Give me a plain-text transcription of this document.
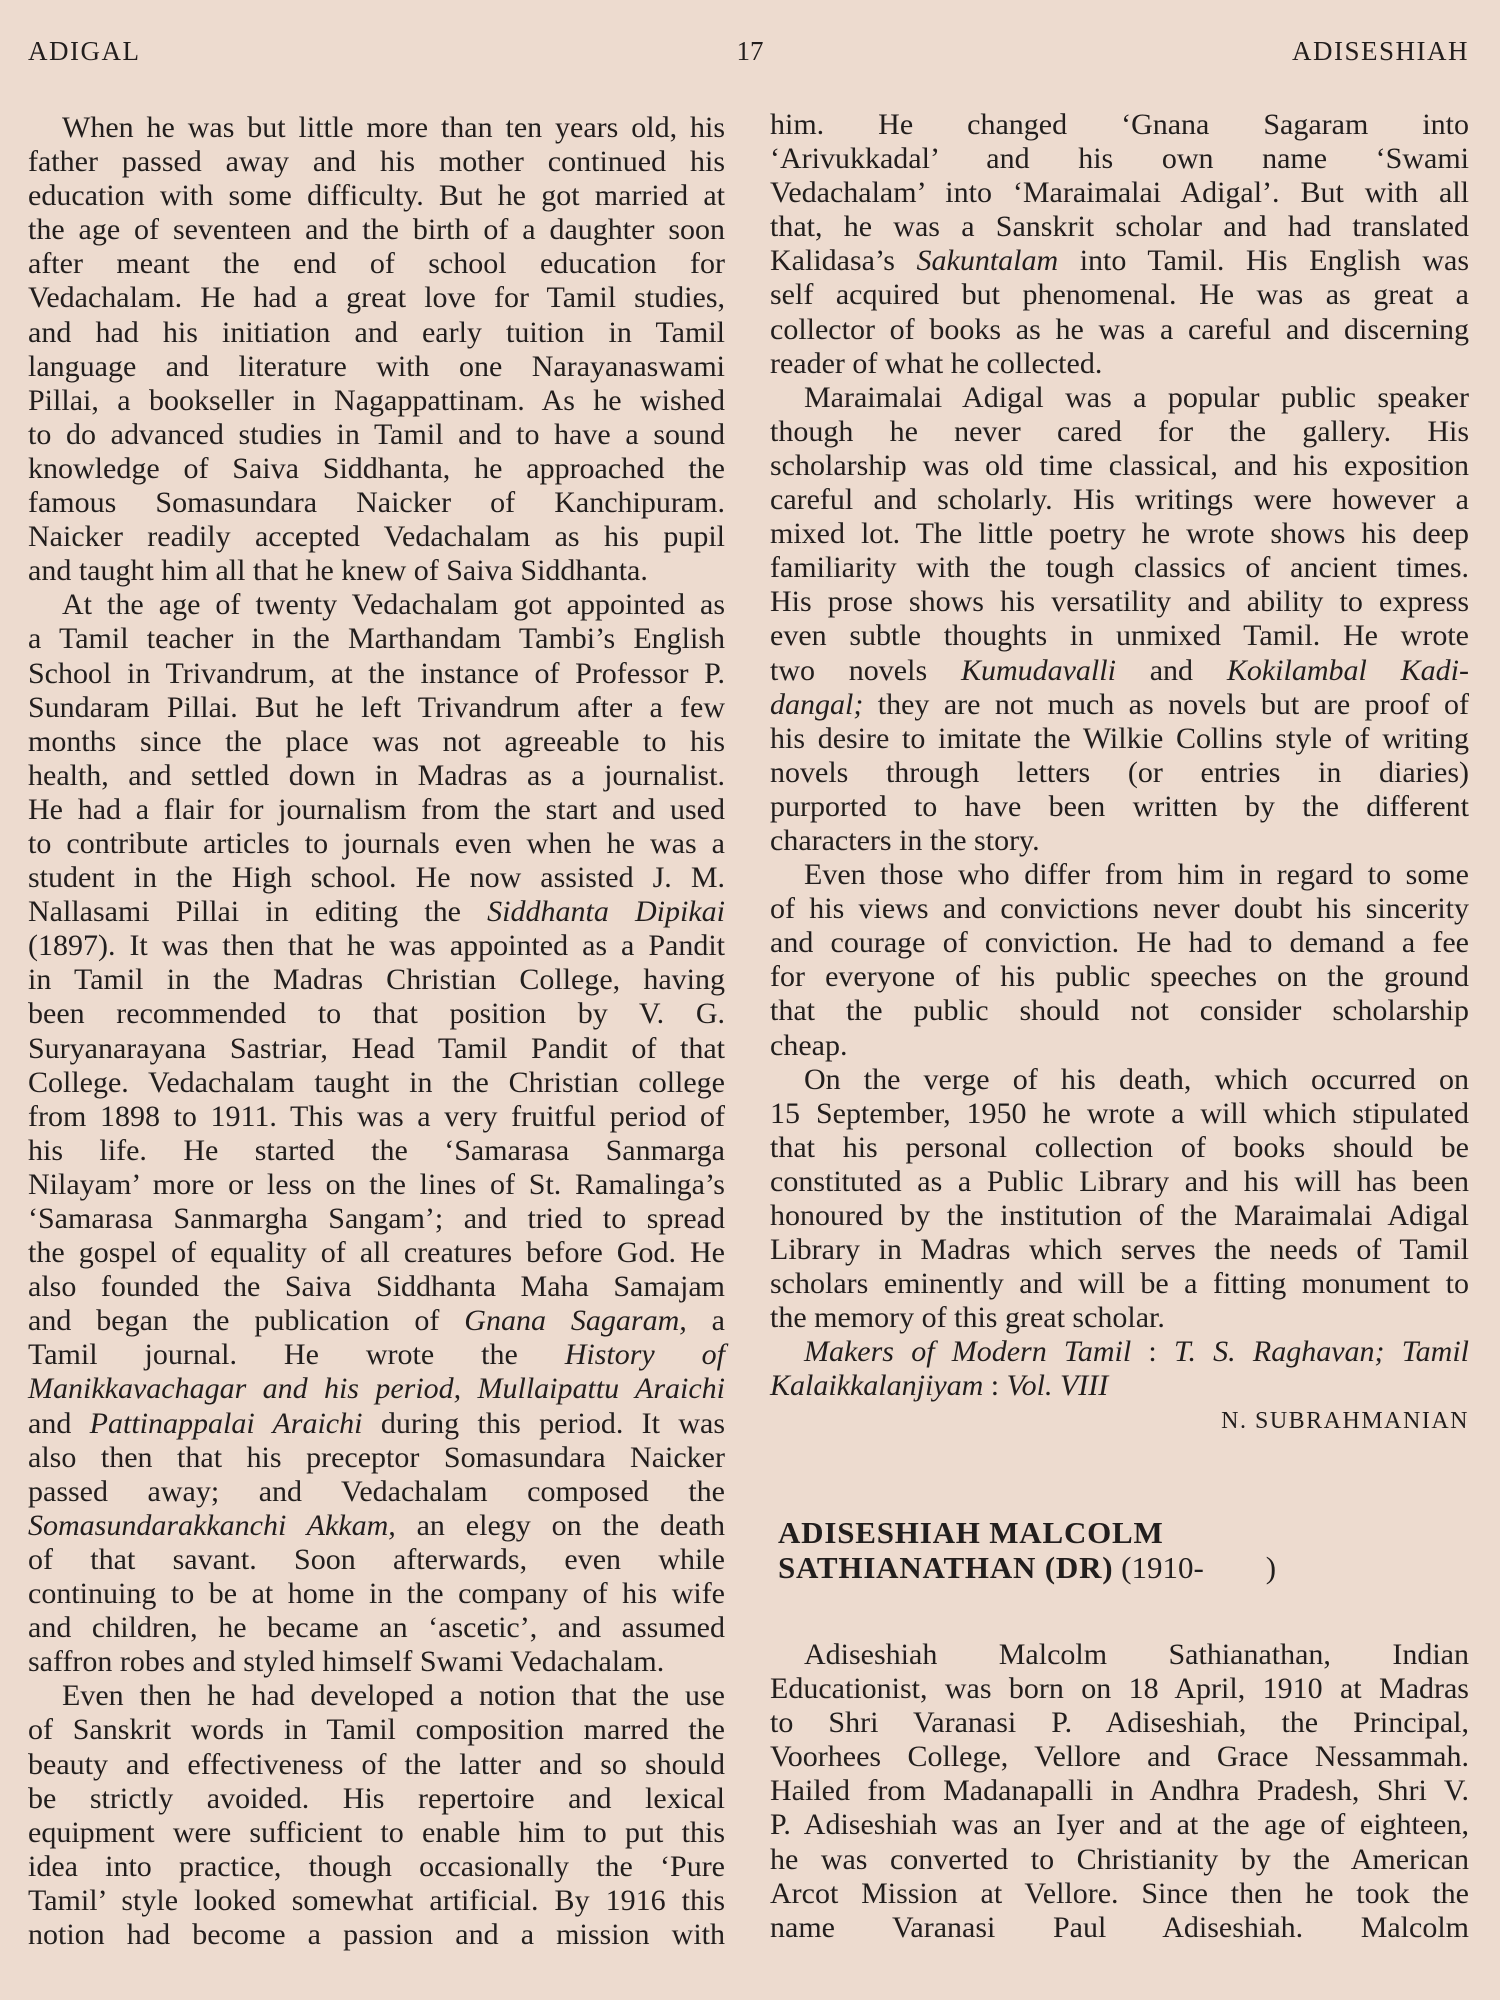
ADIGAL	17	ADISESHIAH
When he was but little more than ten years old, his
father passed away and his mother continued his
education with some difficulty. But he got married at
the age of seventeen and the birth of a daughter soon
after meant the end of school education for
Vedachalam. He had a great love for Tamil studies,
and had his initiation and early tuition in Tamil
language and literature with one Narayanaswami
Pillai, a bookseller in Nagappattinam. As he wished
to do advanced studies in Tamil and to have a sound
knowledge of Saiva Siddhanta, he approached the
famous Somasundara Naicker of Kanchipuram.
Naicker readily accepted Vedachalam as his pupil
and taught him all that he knew of Saiva Siddhanta.
At the age of twenty Vedachalam got appointed as
a Tamil teacher in the Marthandam Tambi’s English
School in Trivandrum, at the instance of Professor P.
Sundaram Pillai. But he left Trivandrum after a few
months since the place was not agreeable to his
health, and settled down in Madras as a journalist.
He had a flair for journalism from the start and used
to contribute articles to journals even when he was a
student in the High school. He now assisted J. M.
Nallasami Pillai in editing the Siddhanta Dipikai
(1897). It was then that he was appointed as a Pandit
in Tamil in the Madras Christian College, having
been recommended to that position by V. G.
Suryanarayana Sastriar, Head Tamil Pandit of that
College. Vedachalam taught in the Christian college
from 1898 to 1911. This was a very fruitful period of
his life. He started the ‘Samarasa Sanmarga
Nilayam’ more or less on the lines of St. Ramalinga’s
‘Samarasa Sanmargha Sangam’; and tried to spread
the gospel of equality of all creatures before God. He
also founded the Saiva Siddhanta Maha Samajam
and began the publication of Gnana Sagaram, a
Tamil journal. He wrote the History of
Manikkavachagar and his period, Mullaipattu Araichi
and Pattinappalai Araichi during this period. It was
also then that his preceptor Somasundara Naicker
passed away; and Vedachalam composed the
Somasundarakkanchi Akkam, an elegy on the death
of that savant. Soon afterwards, even while
continuing to be at home in the company of his wife
and children, he became an ‘ascetic’, and assumed
saffron robes and styled himself Swami Vedachalam.
Even then he had developed a notion that the use
of Sanskrit words in Tamil composition marred the
beauty and effectiveness of the latter and so should
be strictly avoided. His repertoire and lexical
equipment were sufficient to enable him to put this
idea into practice, though occasionally the ‘Pure
Tamil’ style looked somewhat artificial. By 1916 this
notion had become a passion and a mission with
him. He changed ‘Gnana Sagaram into
‘Arivukkadal’ and his own name ‘Swami
Vedachalam’ into ‘Maraimalai Adigal’. But with all
that, he was a Sanskrit scholar and had translated
Kalidasa’s Sakuntalam into Tamil. His English was
self acquired but phenomenal. He was as great a
collector of books as he was a careful and discerning
reader of what he collected.
Maraimalai Adigal was a popular public speaker
though he never cared for the gallery. His
scholarship was old time classical, and his exposition
careful and scholarly. His writings were however a
mixed lot. The little poetry he wrote shows his deep
familiarity with the tough classics of ancient times.
His prose shows his versatility and ability to express
even subtle thoughts in unmixed Tamil. He wrote
two novels Kumudavalli and Kokilambal Kadi-
dangal; they are not much as novels but are proof of
his desire to imitate the Wilkie Collins style of writing
novels through letters (or entries in diaries)
purported to have been written by the different
characters in the story.
Even those who differ from him in regard to some
of his views and convictions never doubt his sincerity
and courage of conviction. He had to demand a fee
for everyone of his public speeches on the ground
that the public should not consider scholarship
cheap.
On the verge of his death, which occurred on
15 September, 1950 he wrote a will which stipulated
that his personal collection of books should be
constituted as a Public Library and his will has been
honoured by the institution of the Maraimalai Adigal
Library in Madras which serves the needs of Tamil
scholars eminently and will be a fitting monument to
the memory of this great scholar.
Makers of Modern Tamil : T. S. Raghavan; Tamil
Kalaikkalanjiyam : Vol. VIII
N. SUBRAHMANIAN
ADISESHIAH MALCOLM
SATHIANATHAN (DR) (1910-        )
Adiseshiah Malcolm Sathianathan, Indian
Educationist, was born on 18 April, 1910 at Madras
to Shri Varanasi P. Adiseshiah, the Principal,
Voorhees College, Vellore and Grace Nessammah.
Hailed from Madanapalli in Andhra Pradesh, Shri V.
P. Adiseshiah was an Iyer and at the age of eighteen,
he was converted to Christianity by the American
Arcot Mission at Vellore. Since then he took the
name Varanasi Paul Adiseshiah. Malcolm
